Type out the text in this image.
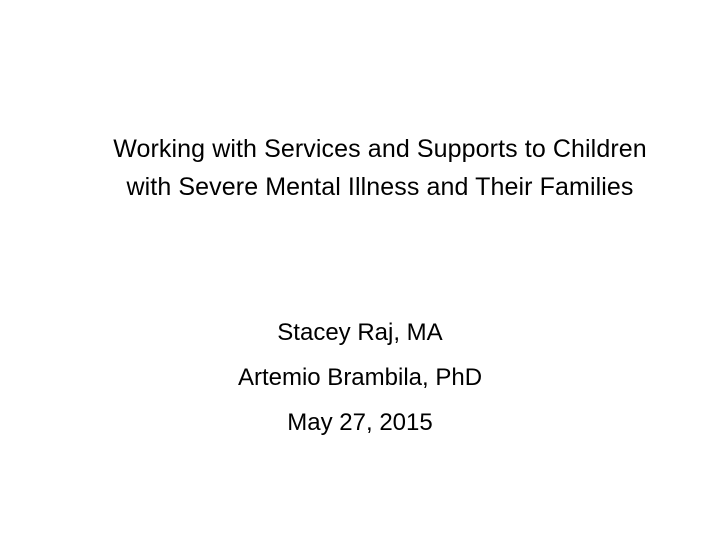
Working with Services and Supports to Children
with Severe Mental Illness and Their Families
Stacey Raj, MA
Artemio Brambila, PhD
May 27, 2015
